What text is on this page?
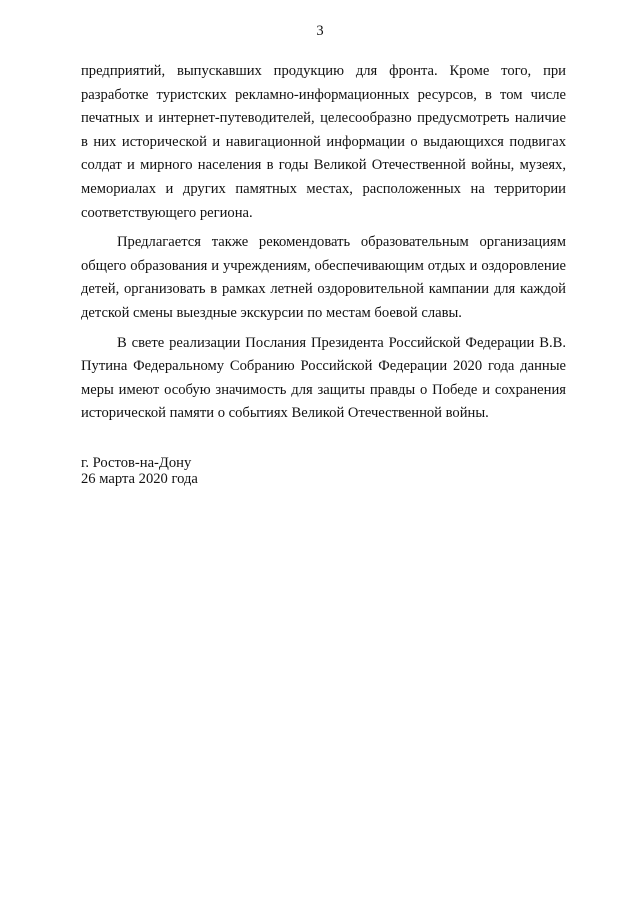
3

предприятий, выпускавших продукцию для фронта. Кроме того, при разработке туристских рекламно-информационных ресурсов, в том числе печатных и интернет-путеводителей, целесообразно предусмотреть наличие в них исторической и навигационной информации о выдающихся подвигах солдат и мирного населения в годы Великой Отечественной войны, музеях, мемориалах и других памятных местах, расположенных на территории соответствующего региона.

Предлагается также рекомендовать образовательным организациям общего образования и учреждениям, обеспечивающим отдых и оздоровление детей, организовать в рамках летней оздоровительной кампании для каждой детской смены выездные экскурсии по местам боевой славы.

В свете реализации Послания Президента Российской Федерации В.В. Путина Федеральному Собранию Российской Федерации 2020 года данные меры имеют особую значимость для защиты правды о Победе и сохранения исторической памяти о событиях Великой Отечественной войны.

г. Ростов-на-Дону
26 марта 2020 года
